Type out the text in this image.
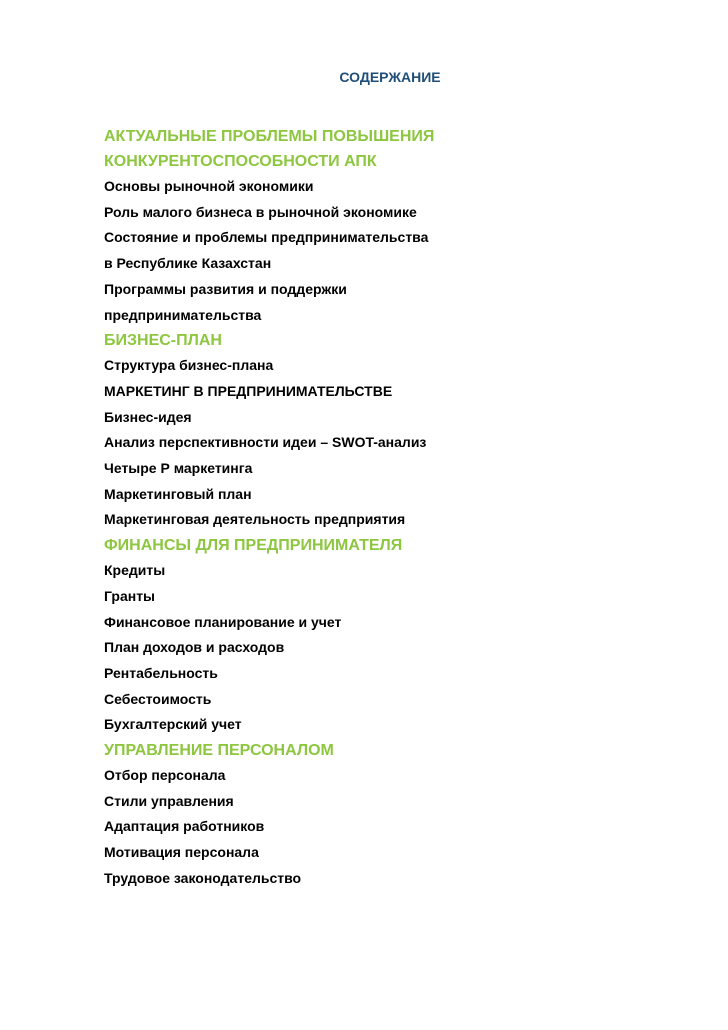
СОДЕРЖАНИЕ
АКТУАЛЬНЫЕ ПРОБЛЕМЫ ПОВЫШЕНИЯ
КОНКУРЕНТОСПОСОБНОСТИ АПК
Основы рыночной экономики
Роль малого бизнеса в рыночной экономике
Состояние и проблемы предпринимательства
в Республике Казахстан
Программы развития и поддержки
предпринимательства
БИЗНЕС-ПЛАН
Структура бизнес-плана
МАРКЕТИНГ В ПРЕДПРИНИМАТЕЛЬСТВЕ
Бизнес-идея
Анализ перспективности идеи – SWOT-анализ
Четыре Р маркетинга
Маркетинговый план
Маркетинговая деятельность предприятия
ФИНАНСЫ ДЛЯ ПРЕДПРИНИМАТЕЛЯ
Кредиты
Гранты
Финансовое планирование и учет
План доходов и расходов
Рентабельность
Себестоимость
Бухгалтерский учет
УПРАВЛЕНИЕ ПЕРСОНАЛОМ
Отбор персонала
Стили управления
Адаптация работников
Мотивация персонала
Трудовое законодательство
